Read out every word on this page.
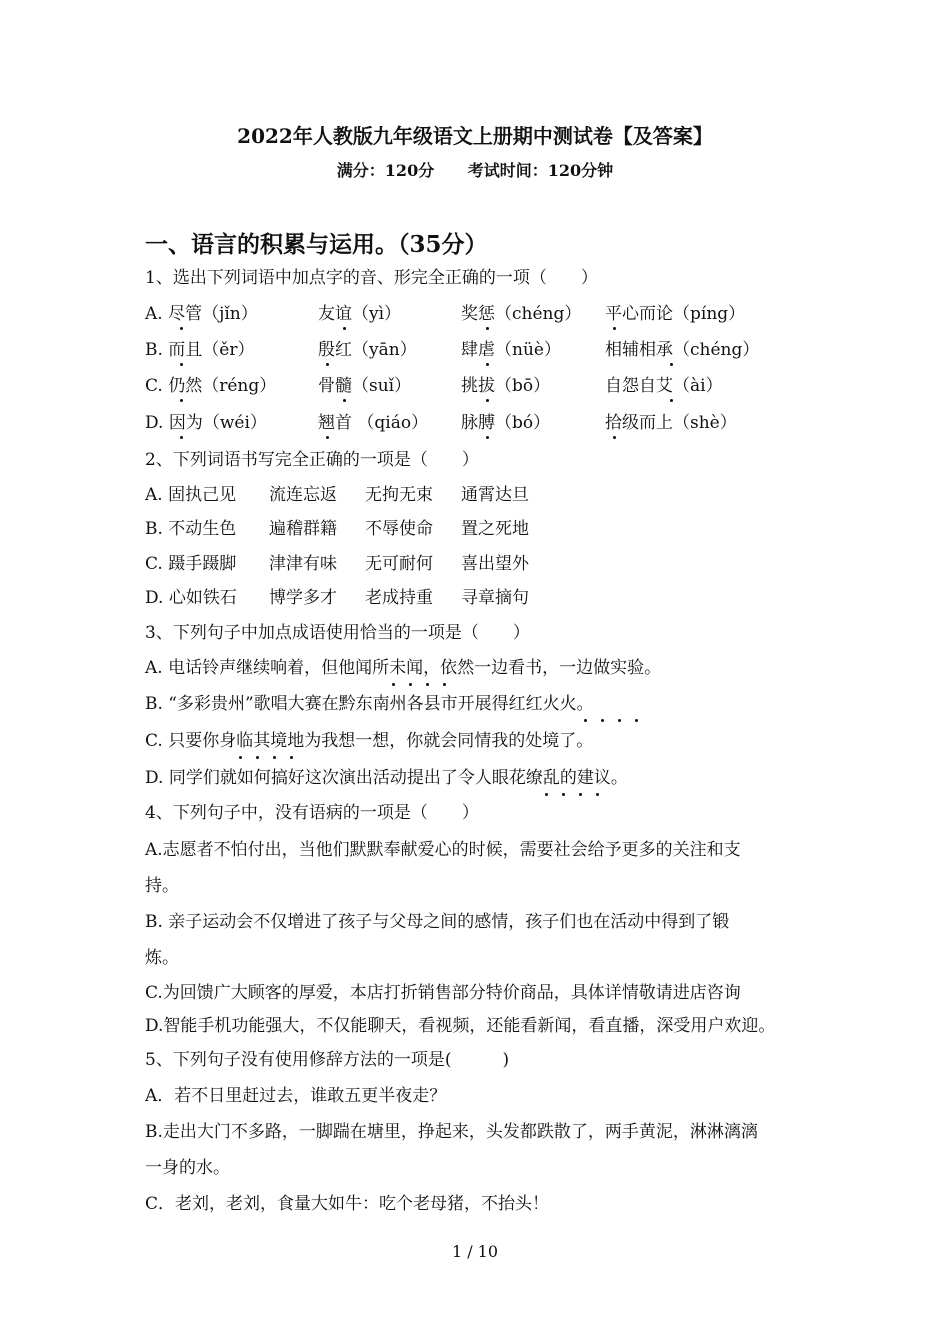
2022年人教版九年级语文上册期中测试卷【及答案】
满分：120分 考试时间：120分钟
一、语言的积累与运用。（35分）
1、选出下列词语中加点字的音、形完全正确的一项（　　）
A. 尽管（jǐn）	友谊（yì）	奖惩（chéng） 平心而论（píng）
B. 而且（ěr）	殷红（yān）	肆虐（nüè）	相辅相承（chéng）
C. 仍然（réng） 骨髓（suǐ）	挑拔（bō）	自怨自艾（ài）
D. 因为（wéi）	翘首 （qiáo） 脉膊（bó）	拾级而上（shè）
2、下列词语书写完全正确的一项是（　　）
A. 固执己见 流连忘返 无拘无束 通霄达旦
B. 不动生色 遍稽群籍 不辱使命 置之死地
C. 蹑手蹑脚 津津有味 无可耐何 喜出望外
D. 心如铁石 博学多才 老成持重 寻章摘句
3、下列句子中加点成语使用恰当的一项是（　　）
A. 电话铃声继续响着，但他闻所未闻，依然一边看书，一边做实验。
B. “多彩贵州”歌唱大赛在黔东南州各县市开展得红红火火。
C. 只要你身临其境地为我想一想，你就会同情我的处境了。
D. 同学们就如何搞好这次演出活动提出了令人眼花缭乱的建议。
4、下列句子中，没有语病的一项是（　　）
A.志愿者不怕付出，当他们默默奉献爱心的时候，需要社会给予更多的关注和支
持。
B. 亲子运动会不仅增进了孩子与父母之间的感情，孩子们也在活动中得到了锻
炼。
C.为回馈广大顾客的厚爱，本店打折销售部分特价商品，具体详情敬请进店咨询
D.智能手机功能强大，不仅能聊天，看视频，还能看新闻，看直播，深受用户欢迎。
5、下列句子没有使用修辞方法的一项是(　　　)
A．若不日里赶过去，谁敢五更半夜走？
B.走出大门不多路，一脚踹在塘里，挣起来，头发都跌散了，两手黄泥，淋淋漓漓
一身的水。
C．老刘，老刘，食量大如牛：吃个老母猪，不抬头！
1 / 10
